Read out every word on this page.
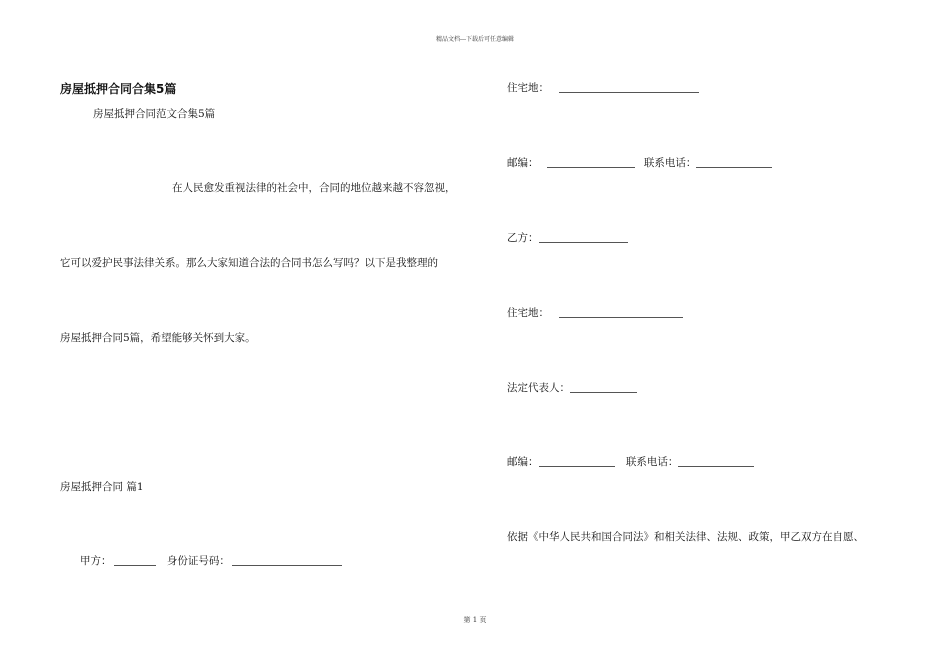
精品文档---下载后可任意编辑
房屋抵押合同合集5篇
房屋抵押合同范文合集5篇
在人民愈发重视法律的社会中，合同的地位越来越不容忽视，
它可以爱护民事法律关系。那么大家知道合法的合同书怎么写吗？以下是我整理的
房屋抵押合同5篇，希望能够关怀到大家。
房屋抵押合同 篇1
甲方：	身份证号码：
住宅地：
邮编：	联系电话：
乙方：
住宅地：
法定代表人：
邮编：	联系电话：
依据《中华人民共和国合同法》和相关法律、法规、政策，甲乙双方在自愿、
第 1 页
